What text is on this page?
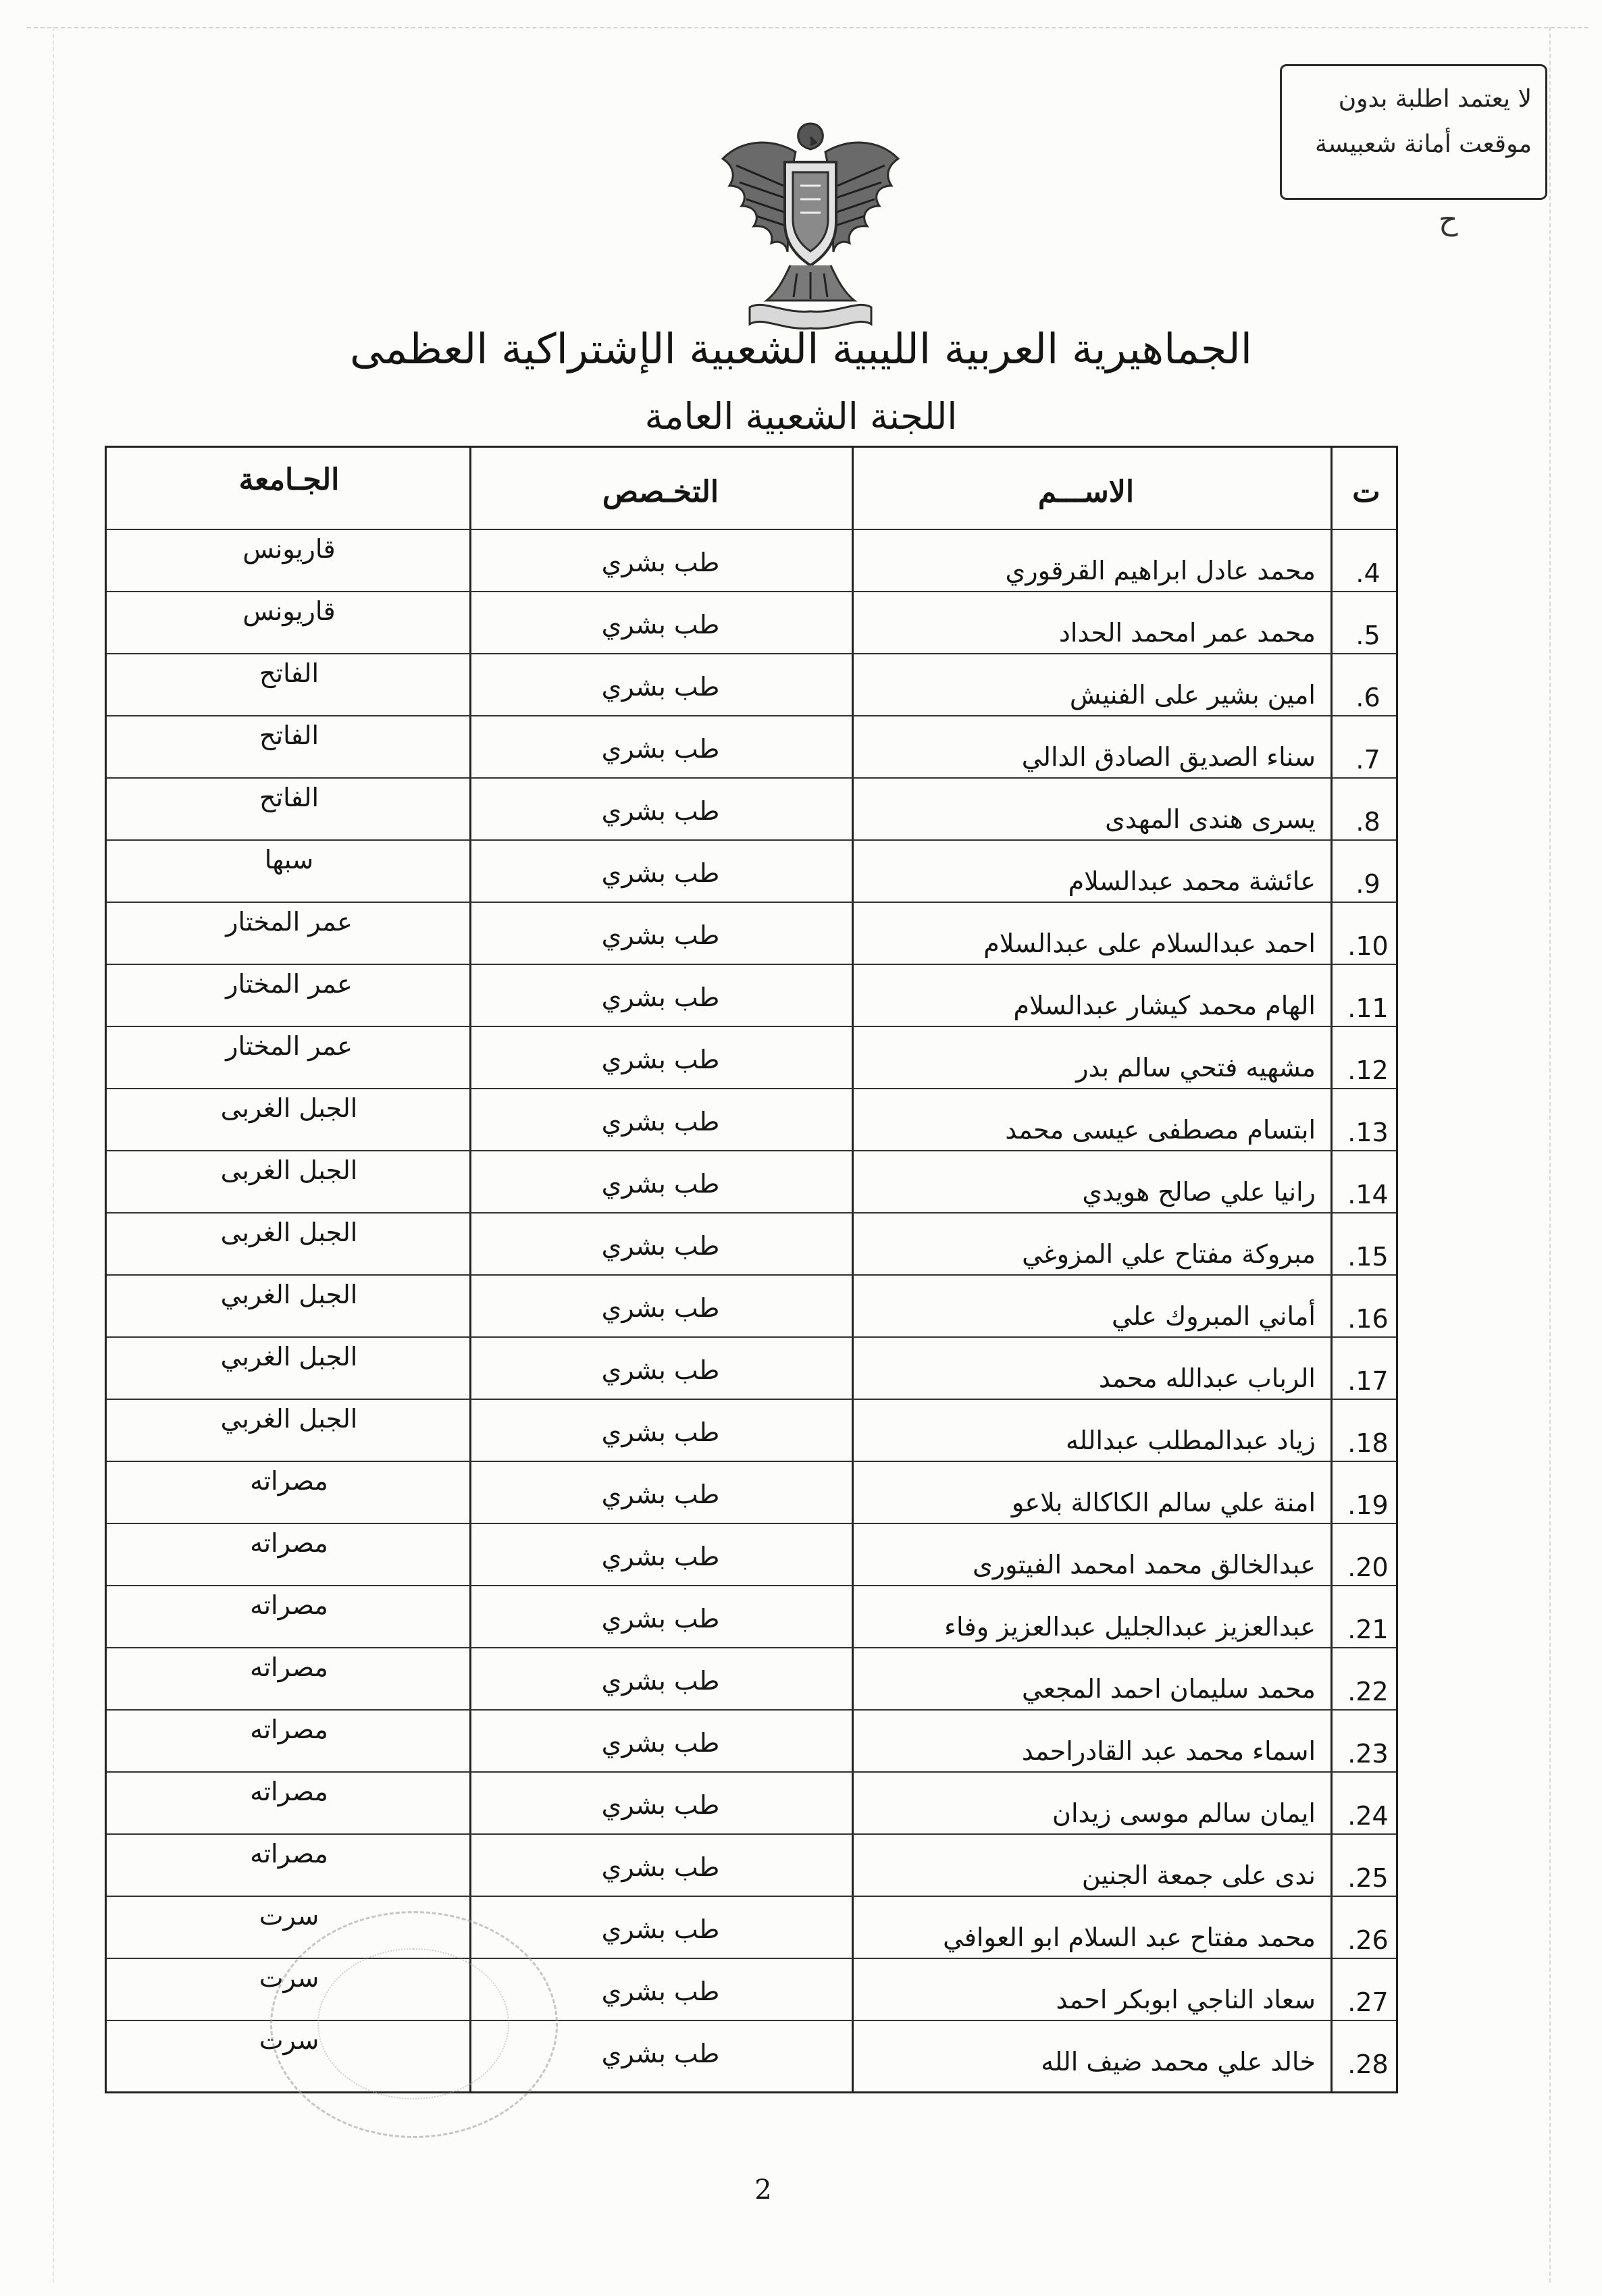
لا يعتمد اطلبة بدون
موقعت أمانة شعبيسة
ح
الجماهيرية العربية الليبية الشعبية الإشتراكية العظمى
اللجنة الشعبية العامة
الجـامعة	التخـصص	الاســـم	ت
قاريونس	طب بشري	محمد عادل ابراهيم القرقوري	4.
قاريونس	طب بشري	محمد عمر امحمد الحداد	5.
الفاتح	طب بشري	امين بشير على الفنيش	6.
الفاتح	طب بشري	سناء الصديق الصادق الدالي	7.
الفاتح	طب بشري	يسرى هندى المهدى	8.
سبها	طب بشري	عائشة محمد عبدالسلام	9.
عمر المختار	طب بشري	احمد عبدالسلام على عبدالسلام	10.
عمر المختار	طب بشري	الهام محمد كيشار عبدالسلام	11.
عمر المختار	طب بشري	مشهيه فتحي سالم بدر	12.
الجبل الغربى	طب بشري	ابتسام مصطفى عيسى محمد	13.
الجبل الغربى	طب بشري	رانيا علي صالح هويدي	14.
الجبل الغربى	طب بشري	مبروكة مفتاح علي المزوغي	15.
الجبل الغربي	طب بشري	أماني المبروك علي	16.
الجبل الغربي	طب بشري	الرباب عبدالله محمد	17.
الجبل الغربي	طب بشري	زياد عبدالمطلب عبدالله	18.
مصراته	طب بشري	امنة علي سالم الكاكالة بلاعو	19.
مصراته	طب بشري	عبدالخالق محمد امحمد الفيتورى	20.
مصراته	طب بشري	عبدالعزيز عبدالجليل عبدالعزيز وفاء	21.
مصراته	طب بشري	محمد سليمان احمد المجعي	22.
مصراته	طب بشري	اسماء محمد عبد القادراحمد	23.
مصراته	طب بشري	ايمان سالم موسى زيدان	24.
مصراته	طب بشري	ندى على جمعة الجنين	25.
سرت	طب بشري	محمد مفتاح عبد السلام ابو العوافي	26.
سرت	طب بشري	سعاد الناجي ابوبكر احمد	27.
سرت	طب بشري	خالد علي محمد ضيف الله	28.
2
